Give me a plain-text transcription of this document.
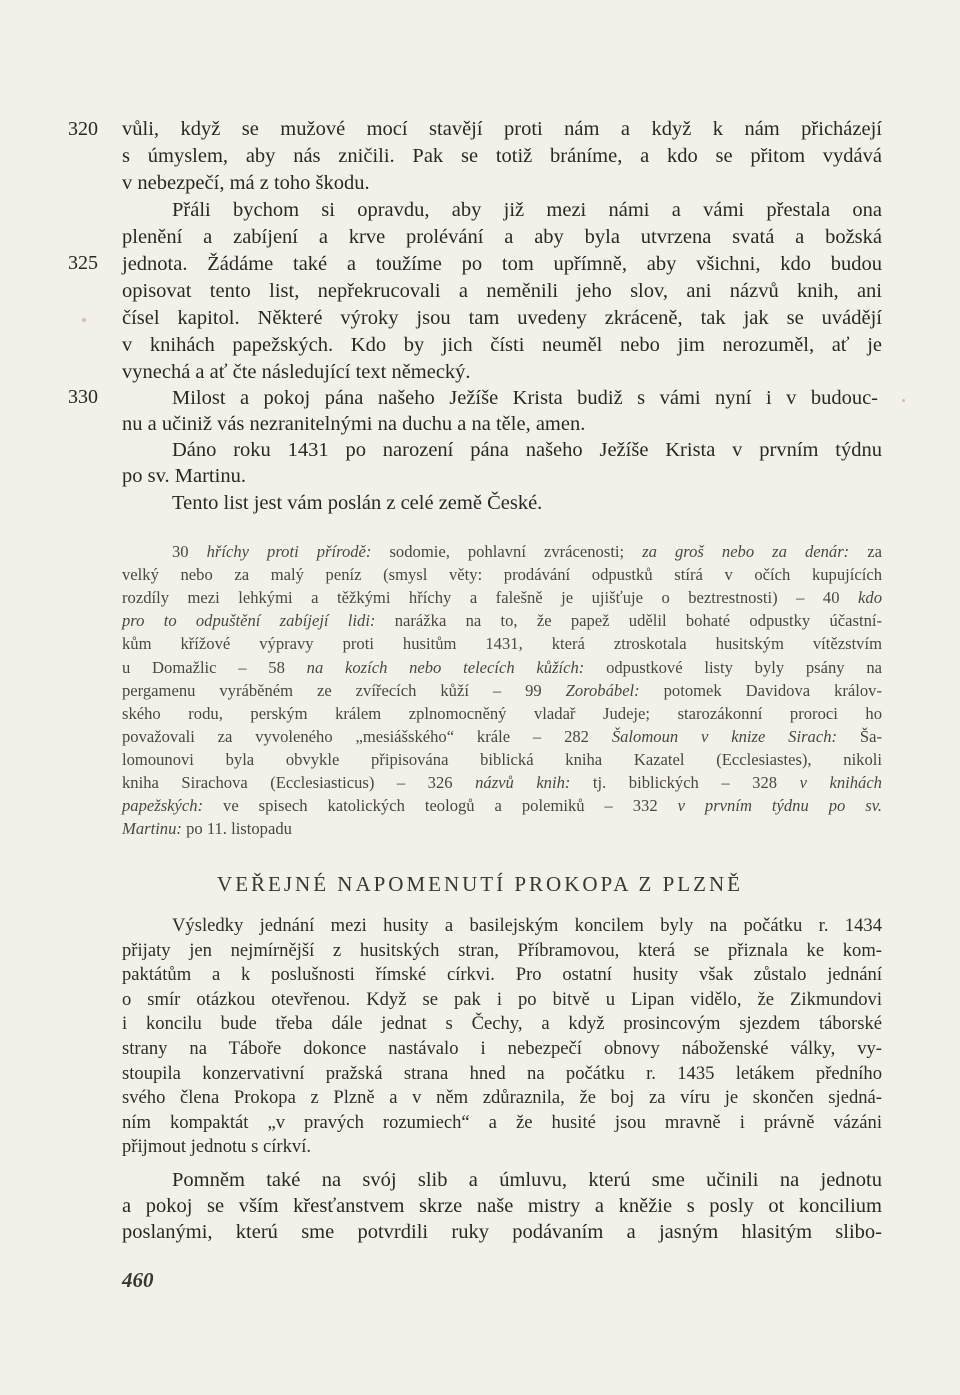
320
325
330
vůli, když se mužové mocí stavějí proti nám a když k nám přicházejí
s úmyslem, aby nás zničili. Pak se totiž bráníme, a kdo se přitom vydává
v nebezpečí, má z toho škodu.
Přáli bychom si opravdu, aby již mezi námi a vámi přestala ona
plenění a zabíjení a krve prolévání a aby byla utvrzena svatá a božská
jednota. Žádáme také a toužíme po tom upřímně, aby všichni, kdo budou
opisovat tento list, nepřekrucovali a neměnili jeho slov, ani názvů knih, ani
čísel kapitol. Některé výroky jsou tam uvedeny zkráceně, tak jak se uvádějí
v knihách papežských. Kdo by jich čísti neuměl nebo jim nerozuměl, ať je
vynechá a ať čte následující text německý.
Milost a pokoj pána našeho Ježíše Krista budiž s vámi nyní i v budouc-
nu a učiniž vás nezranitelnými na duchu a na těle, amen.
Dáno roku 1431 po narození pána našeho Ježíše Krista v prvním týdnu
po sv. Martinu.
Tento list jest vám poslán z celé země České.
30 hříchy proti přírodě: sodomie, pohlavní zvrácenosti; za groš nebo za denár: za
velký nebo za malý peníz (smysl věty: prodávání odpustků stírá v očích kupujících
rozdíly mezi lehkými a těžkými hříchy a falešně je ujišťuje o beztrestnosti) – 40 kdo
pro to odpuštění zabíjejí lidi: narážka na to, že papež udělil bohaté odpustky účastní-
kům křížové výpravy proti husitům 1431, která ztroskotala husitským vítězstvím
u Domažlic – 58 na kozích nebo telecích kůžích: odpustkové listy byly psány na
pergamenu vyráběném ze zvířecích kůží – 99 Zorobábel: potomek Davidova králov-
ského rodu, perským králem zplnomocněný vladař Judeje; starozákonní proroci ho
považovali za vyvoleného „mesiášského“ krále – 282 Šalomoun v knize Sirach: Ša-
lomounovi byla obvykle připisována biblická kniha Kazatel (Ecclesiastes), nikoli
kniha Sirachova (Ecclesiasticus) – 326 názvů knih: tj. biblických – 328 v knihách
papežských: ve spisech katolických teologů a polemiků – 332 v prvním týdnu po sv.
Martinu: po 11. listopadu
VEŘEJNÉ NAPOMENUTÍ PROKOPA Z PLZNĚ
Výsledky jednání mezi husity a basilejským koncilem byly na počátku r. 1434
přijaty jen nejmírnější z husitských stran, Příbramovou, která se přiznala ke kom-
paktátům a k poslušnosti římské církvi. Pro ostatní husity však zůstalo jednání
o smír otázkou otevřenou. Když se pak i po bitvě u Lipan vidělo, že Zikmundovi
i koncilu bude třeba dále jednat s Čechy, a když prosincovým sjezdem táborské
strany na Táboře dokonce nastávalo i nebezpečí obnovy náboženské války, vy-
stoupila konzervativní pražská strana hned na počátku r. 1435 letákem předního
svého člena Prokopa z Plzně a v něm zdůraznila, že boj za víru je skončen sjedná-
ním kompaktát „v pravých rozumiech“ a že husité jsou mravně i právně vázáni
přijmout jednotu s církví.
Pomněm také na svój slib a úmluvu, kterú sme učinili na jednotu
a pokoj se vším křesťanstvem skrze naše mistry a kněžie s posly ot koncilium
poslanými, kterú sme potvrdili ruky podávaním a jasným hlasitým slibo-
460
